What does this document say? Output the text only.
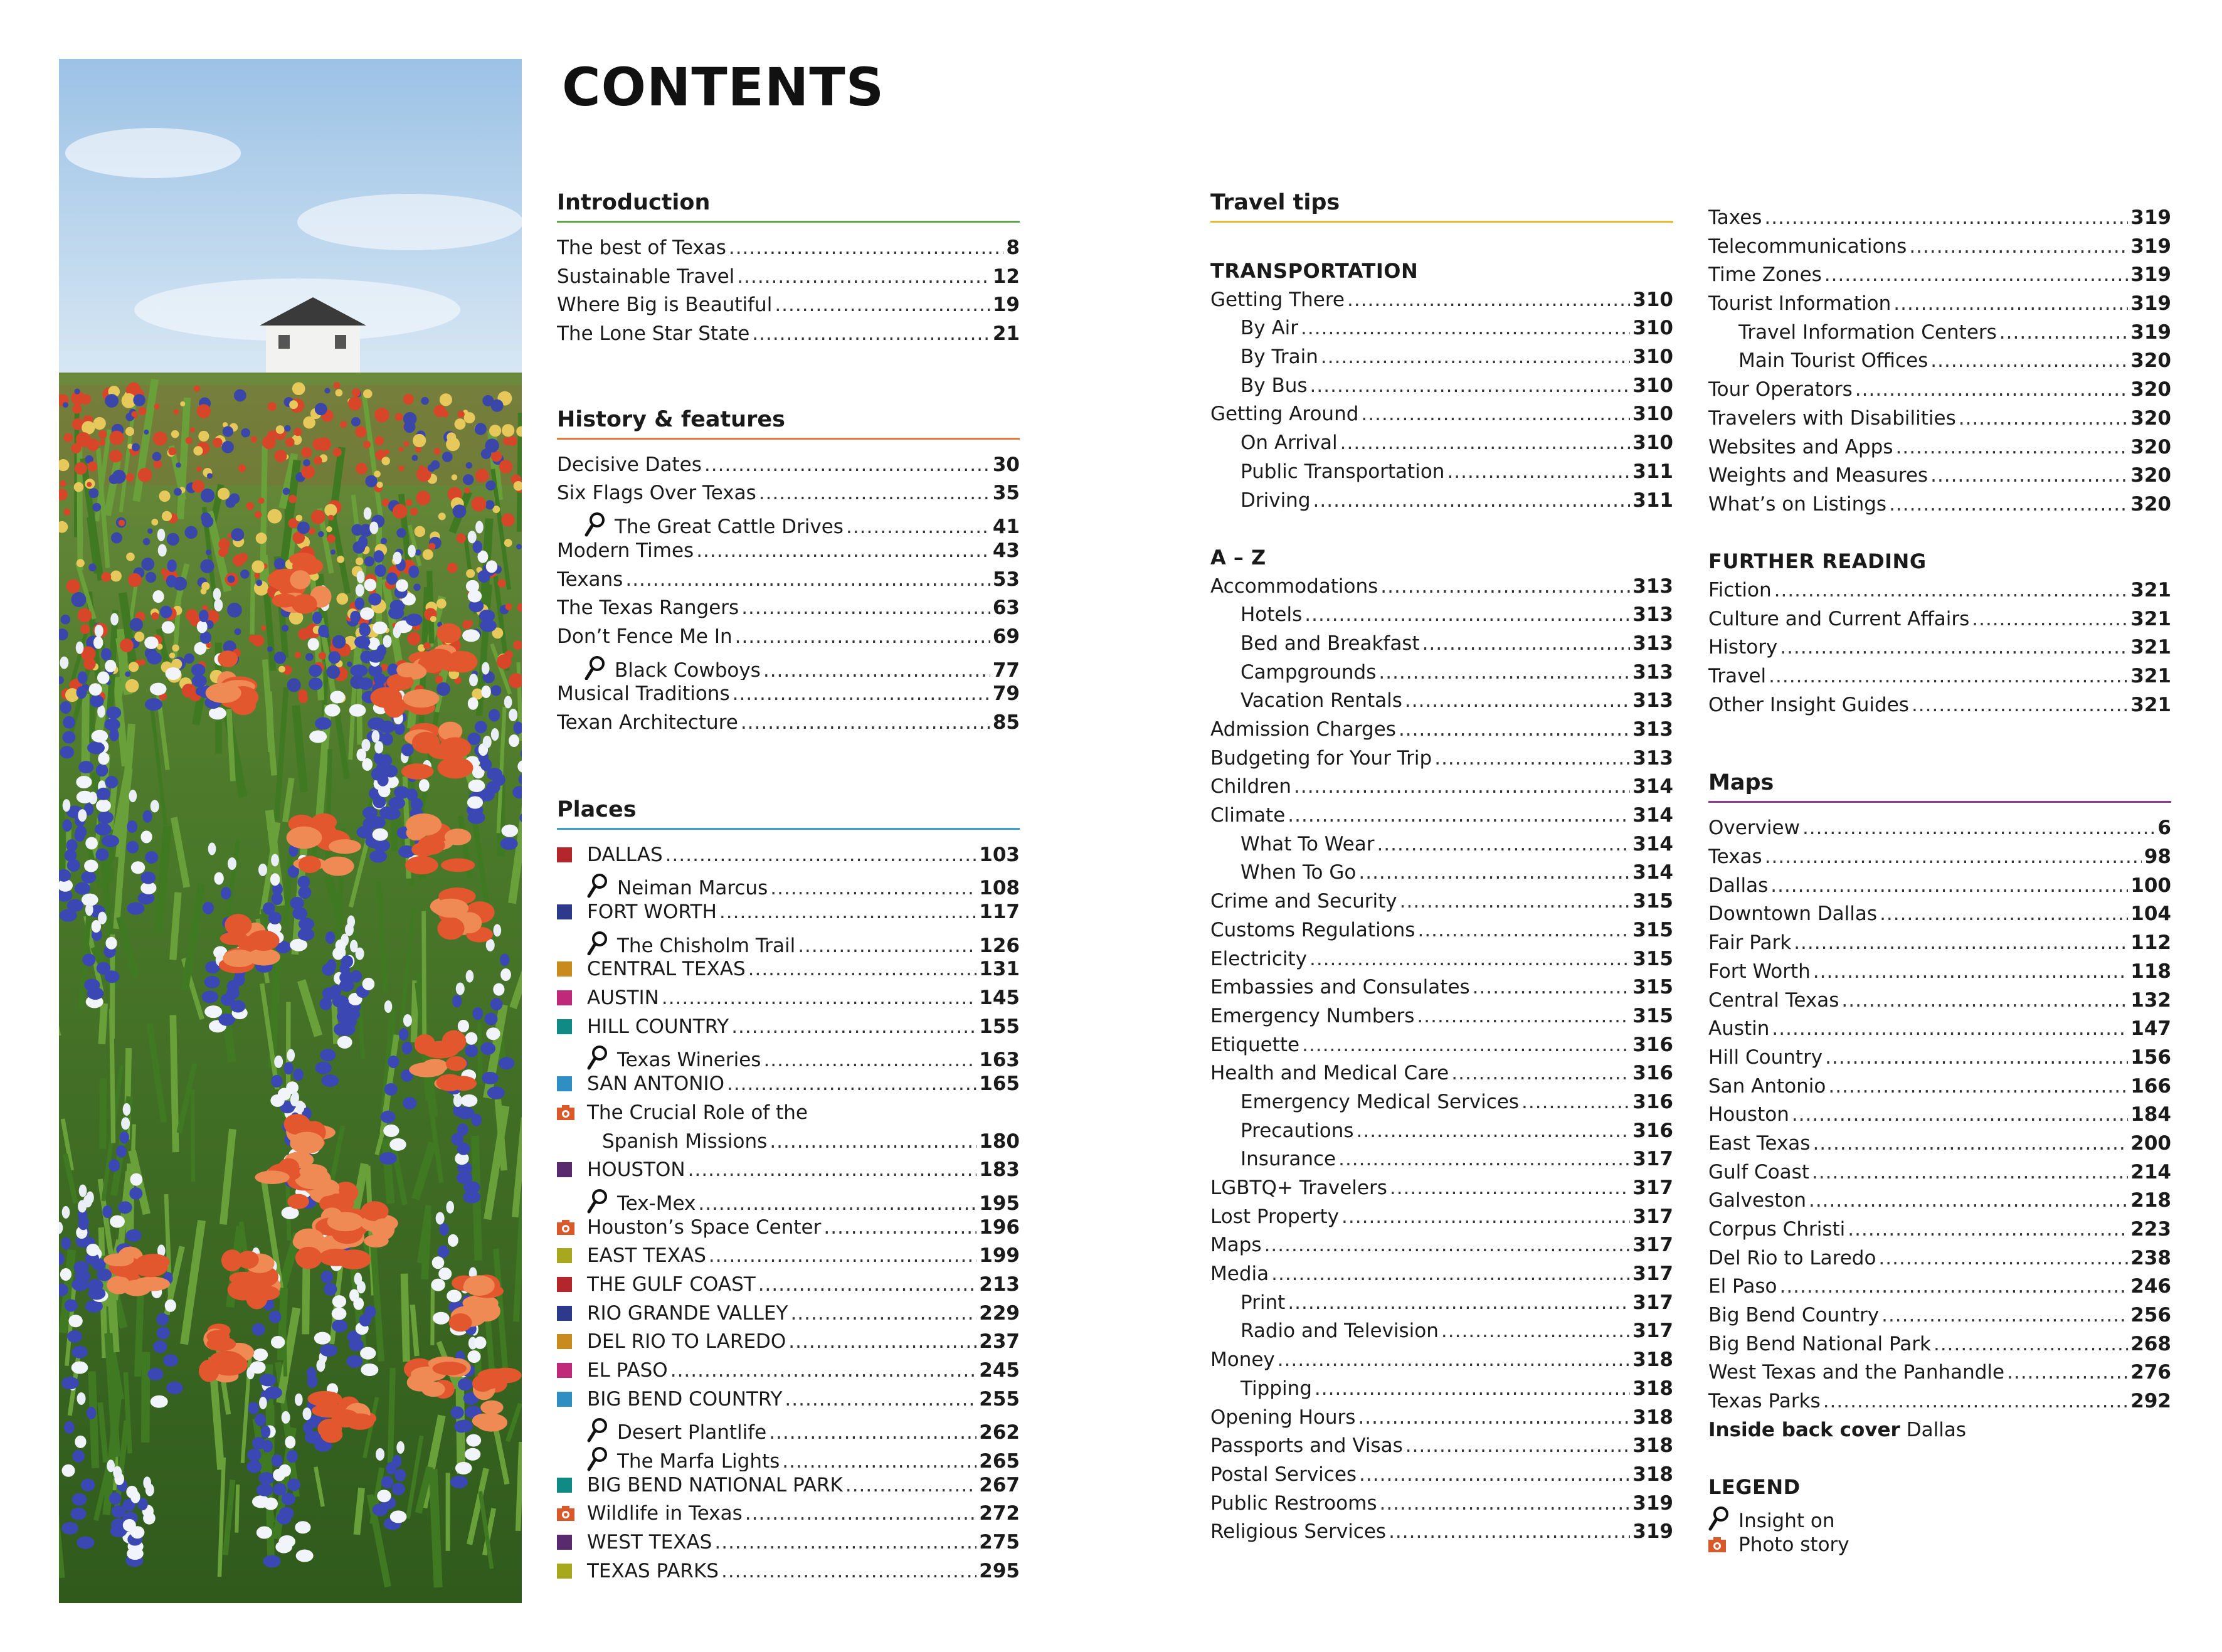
CONTENTS
Introduction
The best of Texas .....	8
Sustainable Travel .....	12
Where Big is Beautiful .....	19
The Lone Star State .....	21
History & features
Decisive Dates .....	30
Six Flags Over Texas .....	35
The Great Cattle Drives .....	41
Modern Times .....	43
Texans .....	53
The Texas Rangers .....	63
Don’t Fence Me In .....	69
Black Cowboys .....	77
Musical Traditions .....	79
Texan Architecture .....	85
Places
DALLAS .....	103
Neiman Marcus .....	108
FORT WORTH .....	117
The Chisholm Trail .....	126
CENTRAL TEXAS .....	131
AUSTIN .....	145
HILL COUNTRY .....	155
Texas Wineries .....	163
SAN ANTONIO .....	165
The Crucial Role of the
Spanish Missions .....	180
HOUSTON .....	183
Tex-Mex .....	195
Houston’s Space Center .....	196
EAST TEXAS .....	199
THE GULF COAST .....	213
RIO GRANDE VALLEY .....	229
DEL RIO TO LAREDO .....	237
EL PASO .....	245
BIG BEND COUNTRY .....	255
Desert Plantlife .....	262
The Marfa Lights .....	265
BIG BEND NATIONAL PARK .....	267
Wildlife in Texas .....	272
WEST TEXAS .....	275
TEXAS PARKS .....	295
Travel tips
TRANSPORTATION
Getting There .....	310
By Air .....	310
By Train .....	310
By Bus .....	310
Getting Around .....	310
On Arrival .....	310
Public Transportation .....	311
Driving .....	311
A – Z
Accommodations .....	313
Hotels .....	313
Bed and Breakfast .....	313
Campgrounds .....	313
Vacation Rentals .....	313
Admission Charges .....	313
Budgeting for Your Trip .....	313
Children .....	314
Climate .....	314
What To Wear .....	314
When To Go .....	314
Crime and Security .....	315
Customs Regulations .....	315
Electricity .....	315
Embassies and Consulates .....	315
Emergency Numbers .....	315
Etiquette .....	316
Health and Medical Care .....	316
Emergency Medical Services .....	316
Precautions .....	316
Insurance .....	317
LGBTQ+ Travelers .....	317
Lost Property .....	317
Maps .....	317
Media .....	317
Print .....	317
Radio and Television .....	317
Money .....	318
Tipping .....	318
Opening Hours .....	318
Passports and Visas .....	318
Postal Services .....	318
Public Restrooms .....	319
Religious Services .....	319
Taxes .....	319
Telecommunications .....	319
Time Zones .....	319
Tourist Information .....	319
Travel Information Centers .....	319
Main Tourist Offices .....	320
Tour Operators .....	320
Travelers with Disabilities .....	320
Websites and Apps .....	320
Weights and Measures .....	320
What’s on Listings .....	320
FURTHER READING
Fiction .....	321
Culture and Current Affairs .....	321
History .....	321
Travel .....	321
Other Insight Guides .....	321
Maps
Overview .....	6
Texas .....	98
Dallas .....	100
Downtown Dallas .....	104
Fair Park .....	112
Fort Worth .....	118
Central Texas .....	132
Austin .....	147
Hill Country .....	156
San Antonio .....	166
Houston .....	184
East Texas .....	200
Gulf Coast .....	214
Galveston .....	218
Corpus Christi .....	223
Del Rio to Laredo .....	238
El Paso .....	246
Big Bend Country .....	256
Big Bend National Park .....	268
West Texas and the Panhandle .....	276
Texas Parks .....	292
Inside back cover Dallas
LEGEND
Insight on
Photo story
